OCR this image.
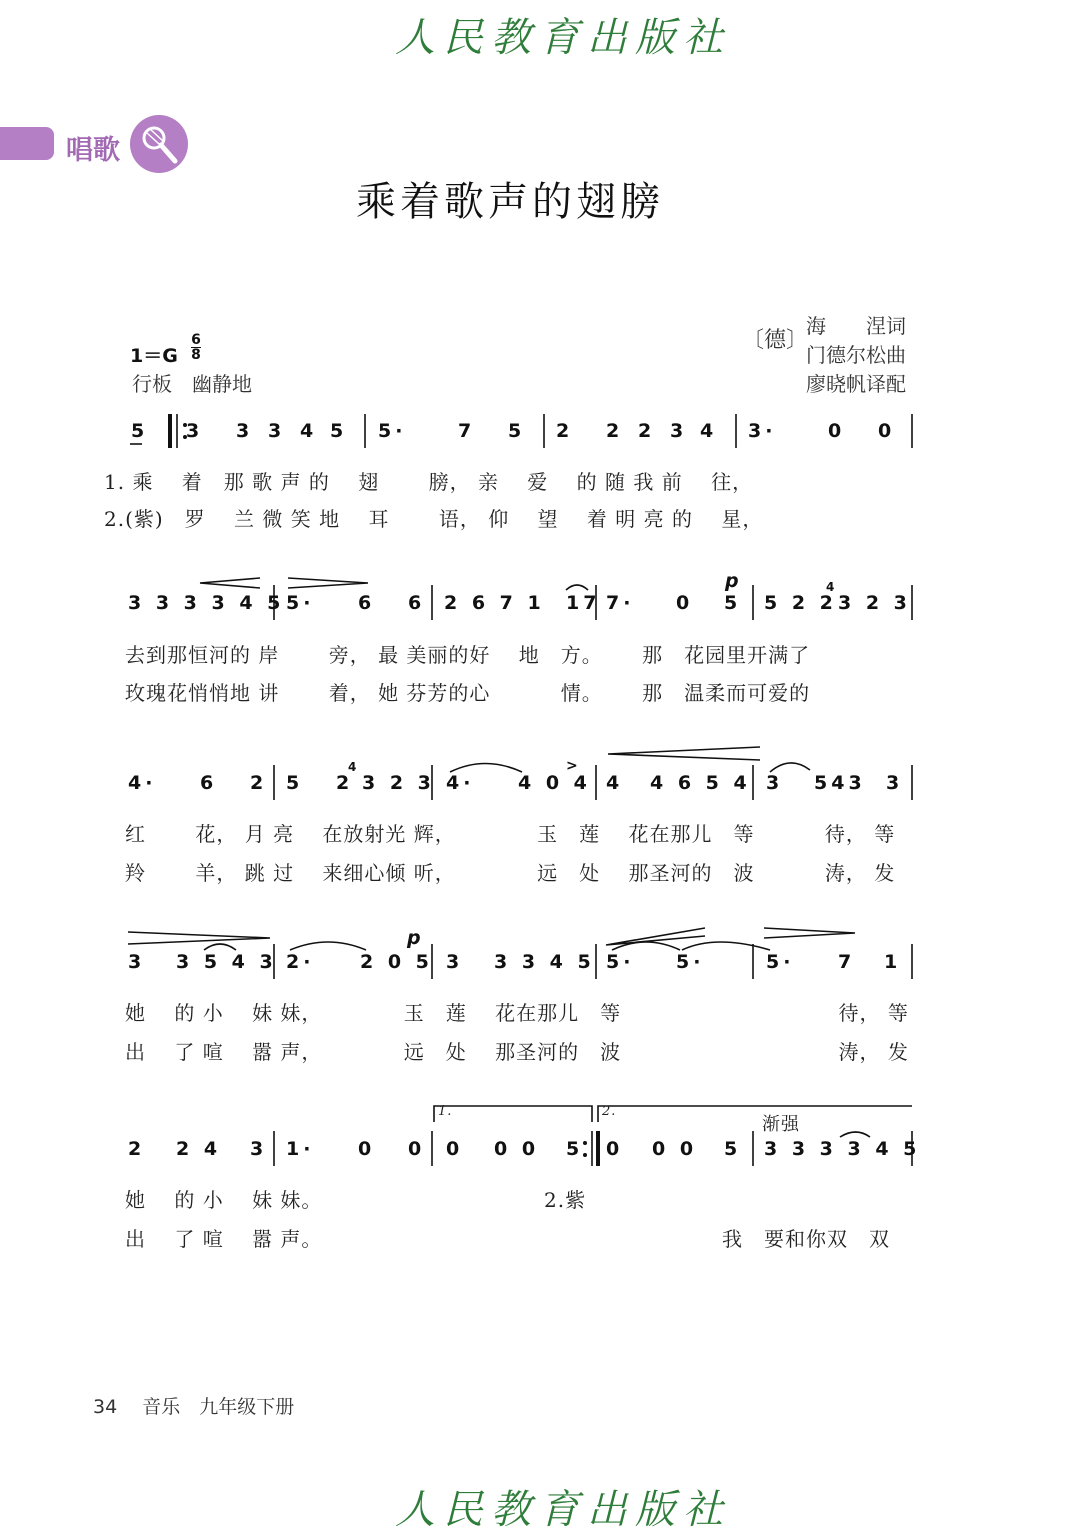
人民教育出版社
唱歌
乘着歌声的翅膀
1＝G
6
8
行板　幽静地
〔德〕
海　　涅词
门德尔松曲
廖晓帆译配
5 3 3 3 4 5 5·	7 5 2 2 2 3 4 3·	0 0
1. 乘　 着　那 歌 声 的　 翅　　 膀， 亲　 爱　 的 随 我 前　 往，
2.(紫)　罗　 兰 微 笑 地　 耳　　 语， 仰　 望　 着 明 亮 的　 星，
3 3 3 3 4 5 5· 6 6 2 6 7 1 17 7· 0 5 5 2 2 3 2 3
p	4
去到那恒河的 岸　　 旁， 最 美丽的好　 地　方。　　 那　花园里开满了
玫瑰花悄悄地 讲　　 着， 她 芬芳的心　　　 情。　　 那　温柔而可爱的
4· 6 2 5 2 3 2 3 4· 4 0 4 4 4 6 5 4 3 543 3
4	>
红　　 花， 月 亮　 在放射光 辉，　　　　 玉　莲　 花在那儿　等　　　 待， 等
羚　　 羊， 跳 过　 来细心倾 听，　　　　 远　处　 那圣河的　波　　　 涛， 发
3 3 5 4 3 2· 2 0 5 3 3 3 4 5 5· 5·	5· 7 1
p
她　 的 小　 妹 妹，　　　　 玉　莲　 花在那儿　等　　　　　　　　　　 待， 等
出　 了 喧　 嚣 声，　　　　 远　处　 那圣河的　波　　　　　　　　　　 涛， 发
2 2 4 3 1· 0 0 0 0 0 5 0 0 0 5 3 3 3 3 4 5
1.	2.
渐强
她　 的 小　 妹 妹。	2.紫
出　 了 喧　 嚣 声。	我　要和你双　双
34　 音乐　 九年级下册
人民教育出版社
